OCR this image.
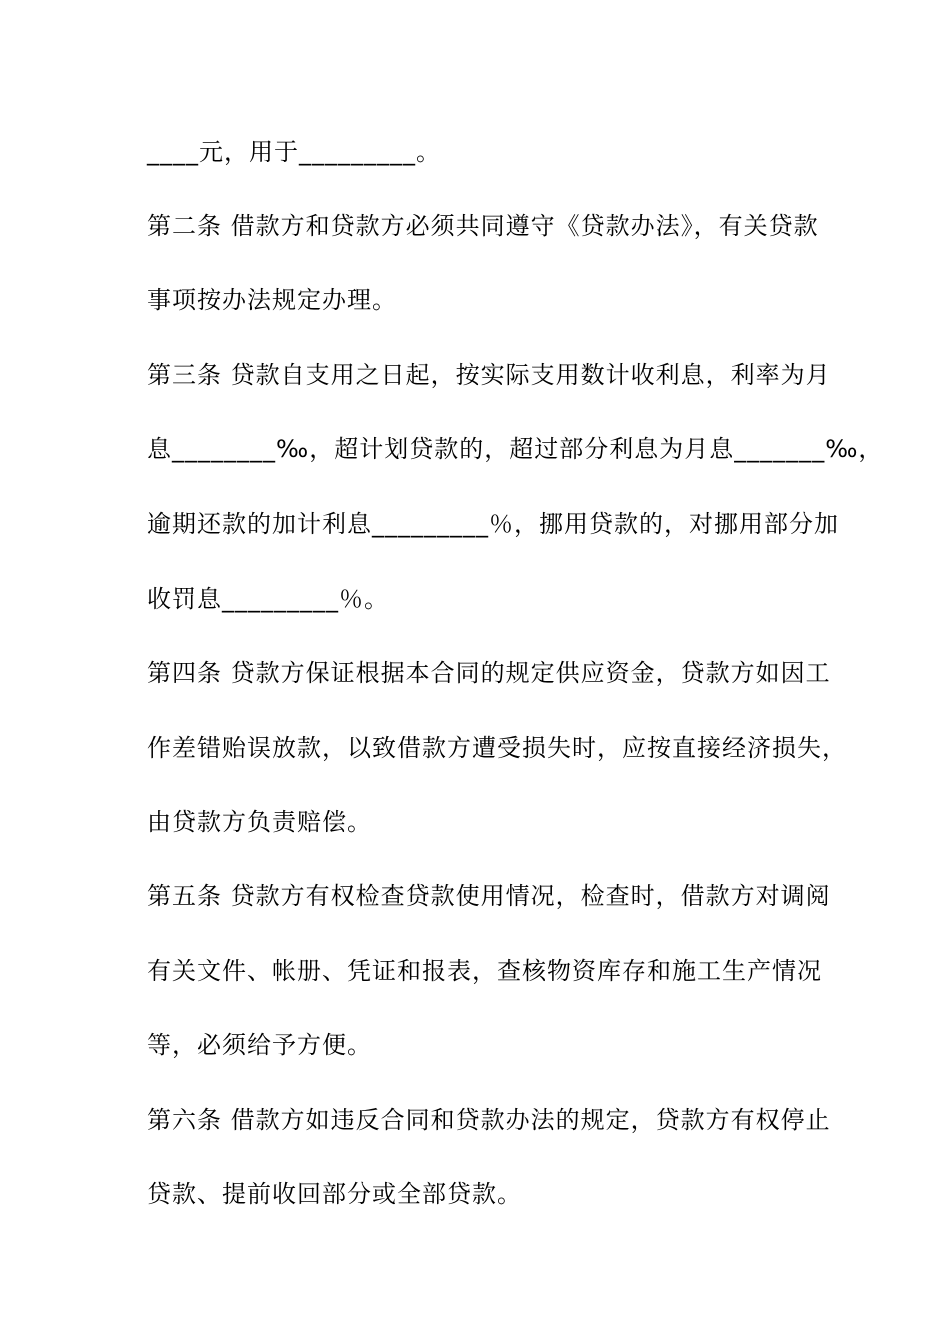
____元，用于_________。
第二条 借款方和贷款方必须共同遵守《贷款办法》，有关贷款
事项按办法规定办理。
第三条 贷款自支用之日起，按实际支用数计收利息，利率为月
息________‰，超计划贷款的，超过部分利息为月息_______‰，
逾期还款的加计利息_________％，挪用贷款的，对挪用部分加
收罚息_________％。
第四条 贷款方保证根据本合同的规定供应资金，贷款方如因工
作差错贻误放款，以致借款方遭受损失时，应按直接经济损失，
由贷款方负责赔偿。
第五条 贷款方有权检查贷款使用情况，检查时，借款方对调阅
有关文件、帐册、凭证和报表，查核物资库存和施工生产情况
等，必须给予方便。
第六条 借款方如违反合同和贷款办法的规定，贷款方有权停止
贷款、提前收回部分或全部贷款。
